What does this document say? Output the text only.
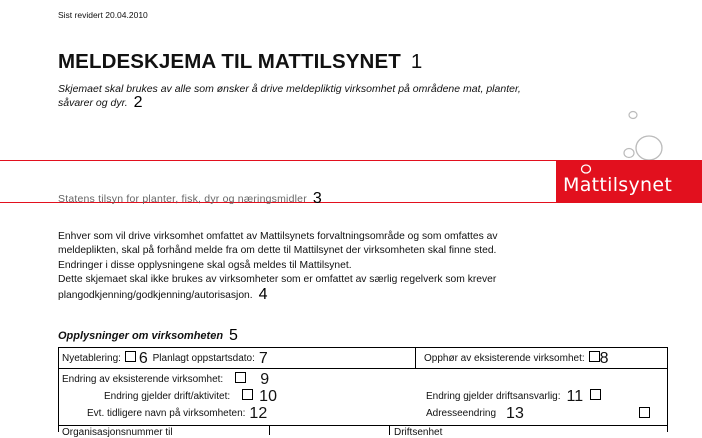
Sist revidert 20.04.2010
MELDESKJEMA TIL MATTILSYNET 1
Skjemaet skal brukes av alle som ønsker å drive meldepliktig virksomhet på områdene mat, planter,
såvarer og dyr. 2
Mattilsynet
Statens tilsyn for planter, fisk, dyr og næringsmidler 3

Enhver som vil drive virksomhet omfattet av Mattilsynets forvaltningsområde og som omfattes av

meldeplikten, skal på forhånd melde fra om dette til Mattilsynet der virksomheten skal finne sted.

Endringer i disse opplysningene skal også meldes til Mattilsynet.

Dette skjemaet skal ikke brukes av virksomheter som er omfattet av særlig regelverk som krever

plangodkjenning/godkjenning/autorisasjon. 4

Opplysninger om virksomheten 5
Nyetablering: 6 Planlagt oppstartsdato: 7	Opphør av eksisterende virksomhet: 8
Endring av eksisterende virksomhet: 9
Endring gjelder drift/aktivitet: 10	Endring gjelder driftsansvarlig: 11
Evt. tidligere navn på virksomheten: 12	Adresseendring 13
Organisasjonsnummer til	Driftsenhet
